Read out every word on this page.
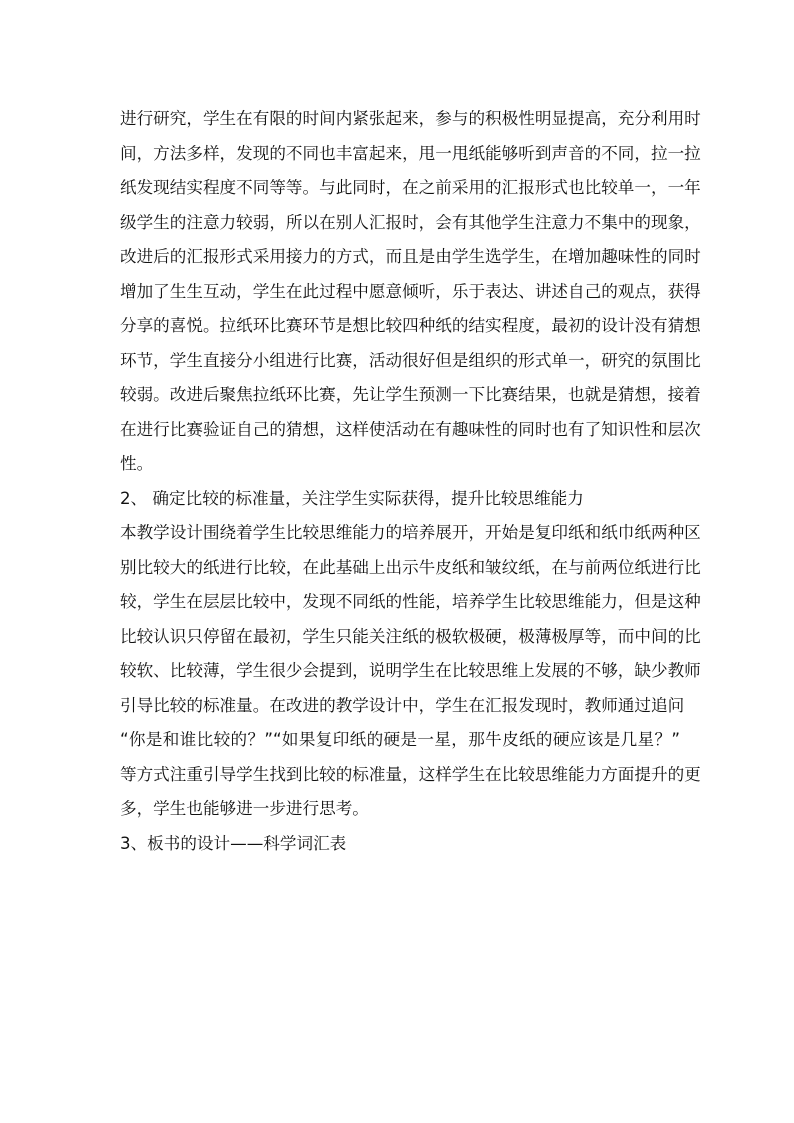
进行研究，学生在有限的时间内紧张起来，参与的积极性明显提高，充分利用时
间，方法多样，发现的不同也丰富起来，甩一甩纸能够听到声音的不同，拉一拉
纸发现结实程度不同等等。与此同时，在之前采用的汇报形式也比较单一，一年
级学生的注意力较弱，所以在别人汇报时，会有其他学生注意力不集中的现象，
改进后的汇报形式采用接力的方式，而且是由学生选学生，在增加趣味性的同时
增加了生生互动，学生在此过程中愿意倾听，乐于表达、讲述自己的观点，获得
分享的喜悦。拉纸环比赛环节是想比较四种纸的结实程度，最初的设计没有猜想
环节，学生直接分小组进行比赛，活动很好但是组织的形式单一，研究的氛围比
较弱。改进后聚焦拉纸环比赛，先让学生预测一下比赛结果，也就是猜想，接着
在进行比赛验证自己的猜想，这样使活动在有趣味性的同时也有了知识性和层次
性。
2、 确定比较的标准量，关注学生实际获得，提升比较思维能力
本教学设计围绕着学生比较思维能力的培养展开，开始是复印纸和纸巾纸两种区
别比较大的纸进行比较，在此基础上出示牛皮纸和皱纹纸，在与前两位纸进行比
较，学生在层层比较中，发现不同纸的性能，培养学生比较思维能力，但是这种
比较认识只停留在最初，学生只能关注纸的极软极硬，极薄极厚等，而中间的比
较软、比较薄，学生很少会提到，说明学生在比较思维上发展的不够，缺少教师
引导比较的标准量。在改进的教学设计中，学生在汇报发现时，教师通过追问
“你是和谁比较的？”“如果复印纸的硬是一星，那牛皮纸的硬应该是几星？”
等方式注重引导学生找到比较的标准量，这样学生在比较思维能力方面提升的更
多，学生也能够进一步进行思考。
3、板书的设计——科学词汇表
